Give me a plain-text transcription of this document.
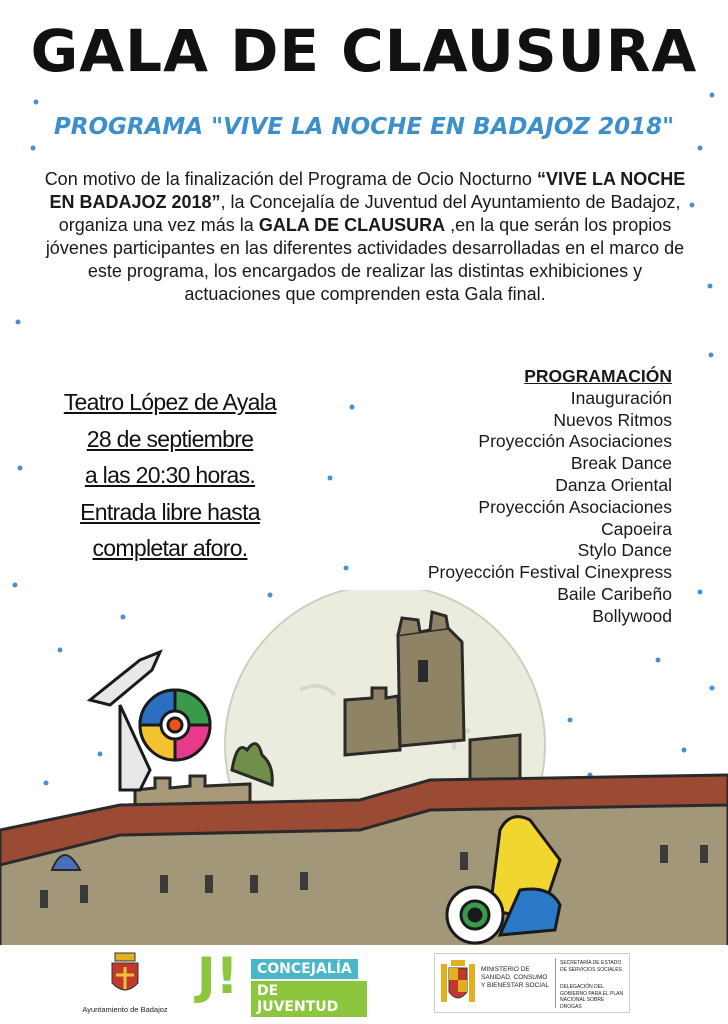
GALA DE CLAUSURA
PROGRAMA "VIVE LA NOCHE EN BADAJOZ 2018"

Con motivo de la finalización del Programa de Ocio Nocturno “VIVE LA NOCHE EN BADAJOZ 2018”, la Concejalía de Juventud del Ayuntamiento de Badajoz, organiza una vez más la GALA DE CLAUSURA ,en la que serán los propios jóvenes participantes en las diferentes actividades desarrolladas en el marco de este programa, los encargados de realizar las distintas exhibiciones y actuaciones que comprenden esta Gala final.

Teatro López de Ayala
28 de septiembre
a las 20:30 horas.
Entrada libre hasta
completar aforo.
PROGRAMACIÓN
Inauguración
Nuevos Ritmos
Proyección Asociaciones
Break Dance
Danza Oriental
Proyección Asociaciones
Capoeira
Stylo Dance
Proyección Festival Cinexpress
Baile Caribeño
Bollywood
Ayuntamiento de Badajoz
J!	CONCEJALÍA
DE JUVENTUD
MINISTERIO DE SANIDAD, CONSUMO Y BIENESTAR SOCIAL
SECRETARÍA DE ESTADO DE SERVICIOS SOCIALES
DELEGACIÓN DEL GOBIERNO PARA EL PLAN NACIONAL SOBRE DROGAS
